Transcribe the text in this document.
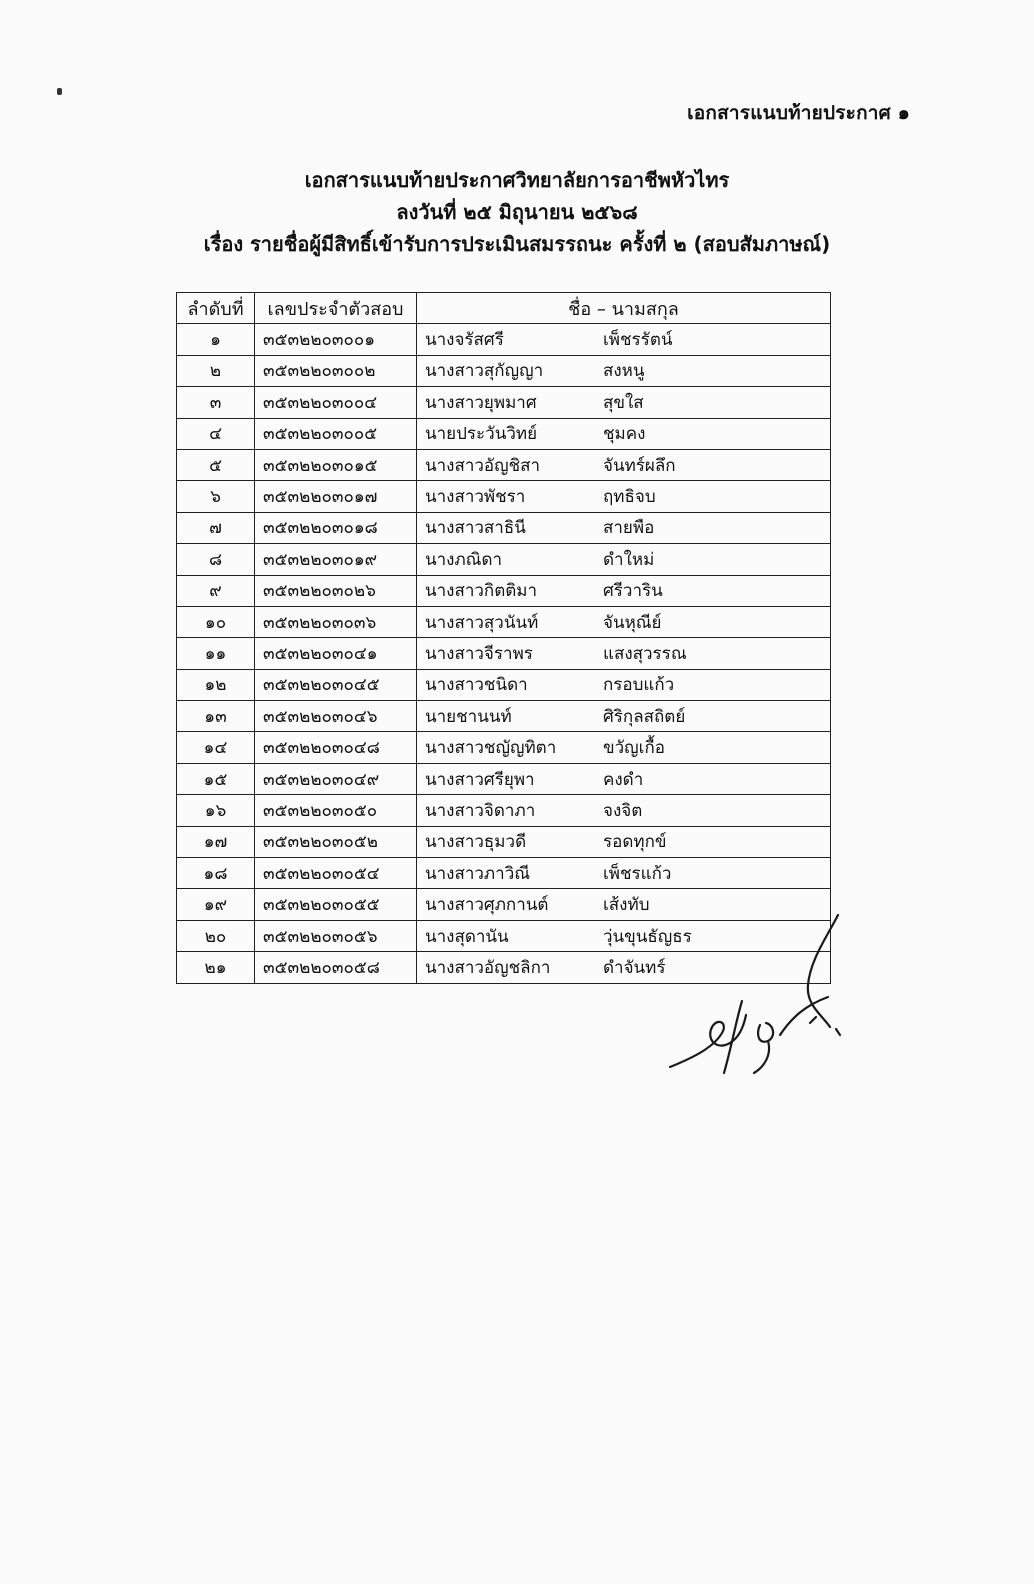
เอกสารแนบท้ายประกาศ ๑
เอกสารแนบท้ายประกาศวิทยาลัยการอาชีพหัวไทร
ลงวันที่ ๒๕ มิถุนายน ๒๕๖๘
เรื่อง รายชื่อผู้มีสิทธิ์เข้ารับการประเมินสมรรถนะ ครั้งที่ ๒ (สอบสัมภาษณ์)
ลำดับที่	เลขประจำตัวสอบ	ชื่อ – นามสกุล
๑	๓๕๓๒๒๐๓๐๐๑	นางจรัสศรี เพ็ชรรัตน์
๒	๓๕๓๒๒๐๓๐๐๒	นางสาวสุกัญญา สงหนู
๓	๓๕๓๒๒๐๓๐๐๔	นางสาวยุพมาศ สุขใส
๔	๓๕๓๒๒๐๓๐๐๕	นายประวันวิทย์ ชุมคง
๕	๓๕๓๒๒๐๓๐๑๕	นางสาวอัญชิสา จันทร์ผลึก
๖	๓๕๓๒๒๐๓๐๑๗	นางสาวพัชรา ฤทธิจบ
๗	๓๕๓๒๒๐๓๐๑๘	นางสาวสาธินี สายพือ
๘	๓๕๓๒๒๐๓๐๑๙	นางภณิดา ดำใหม่
๙	๓๕๓๒๒๐๓๐๒๖	นางสาวกิตติมา ศรีวาริน
๑๐	๓๕๓๒๒๐๓๐๓๖	นางสาวสุวนันท์ จันหุณีย์
๑๑	๓๕๓๒๒๐๓๐๔๑	นางสาวจีราพร แสงสุวรรณ
๑๒	๓๕๓๒๒๐๓๐๔๕	นางสาวชนิดา กรอบแก้ว
๑๓	๓๕๓๒๒๐๓๐๔๖	นายชานนท์ ศิริกุลสถิตย์
๑๔	๓๕๓๒๒๐๓๐๔๘	นางสาวชญัญทิตา ขวัญเกื้อ
๑๕	๓๕๓๒๒๐๓๐๔๙	นางสาวศรียุพา คงดำ
๑๖	๓๕๓๒๒๐๓๐๕๐	นางสาวจิดาภา จงจิต
๑๗	๓๕๓๒๒๐๓๐๕๒	นางสาวธุมวดี รอดทุกข์
๑๘	๓๕๓๒๒๐๓๐๕๔	นางสาวภาวิณี เพ็ชรแก้ว
๑๙	๓๕๓๒๒๐๓๐๕๕	นางสาวศุภกานต์ เส้งทับ
๒๐	๓๕๓๒๒๐๓๐๕๖	นางสุดานัน วุ่นขุนธัญธร
๒๑	๓๕๓๒๒๐๓๐๕๘	นางสาวอัญชลิกา ดำจันทร์
